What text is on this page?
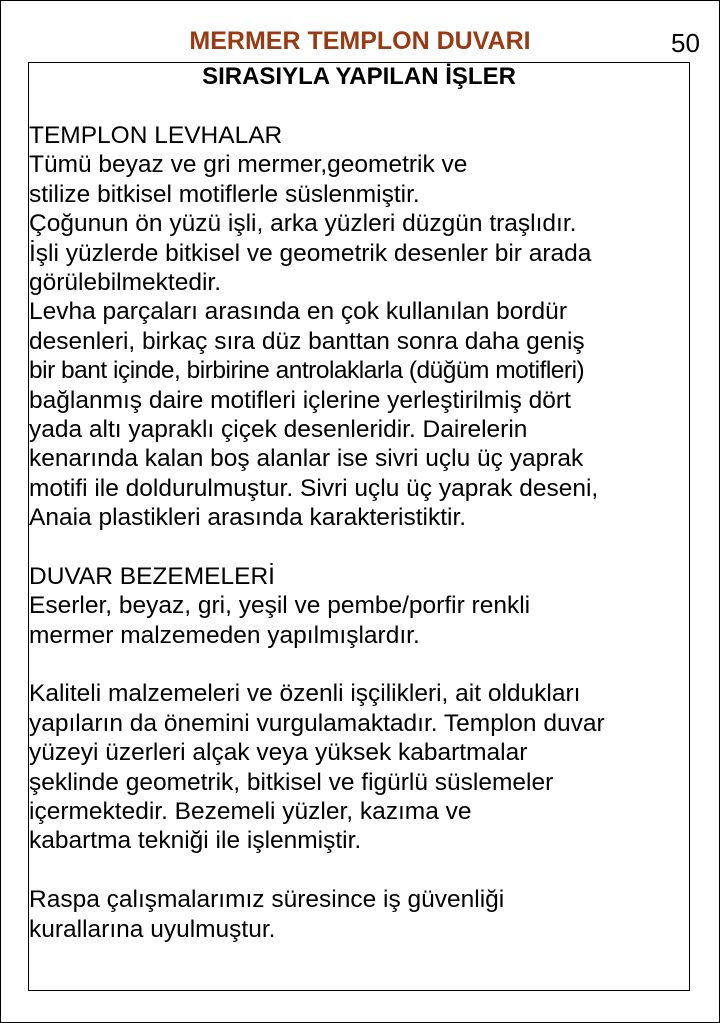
MERMER TEMPLON DUVARI	50
SIRASIYLA YAPILAN İŞLER
TEMPLON LEVHALAR
Tümü beyaz ve gri mermer,geometrik ve
stilize bitkisel motiflerle süslenmiştir.
Çoğunun ön yüzü işli, arka yüzleri düzgün traşlıdır.
İşli yüzlerde bitkisel ve geometrik desenler bir arada
görülebilmektedir.
Levha parçaları arasında en çok kullanılan bordür
desenleri, birkaç sıra düz banttan sonra daha geniş
bir bant içinde, birbirine antrolaklarla (düğüm motifleri)
bağlanmış daire motifleri içlerine yerleştirilmiş dört
yada altı yapraklı çiçek desenleridir. Dairelerin
kenarında kalan boş alanlar ise sivri uçlu üç yaprak
motifi ile doldurulmuştur. Sivri uçlu üç yaprak deseni,
Anaia plastikleri arasında karakteristiktir.
DUVAR BEZEMELERİ
Eserler, beyaz, gri, yeşil ve pembe/porfir renkli
mermer malzemeden yapılmışlardır.
Kaliteli malzemeleri ve özenli işçilikleri, ait oldukları
yapıların da önemini vurgulamaktadır. Templon duvar
yüzeyi üzerleri alçak veya yüksek kabartmalar
şeklinde geometrik, bitkisel ve figürlü süslemeler
içermektedir. Bezemeli yüzler, kazıma ve
kabartma tekniği ile işlenmiştir.
Raspa çalışmalarımız süresince iş güvenliği
kurallarına uyulmuştur.
